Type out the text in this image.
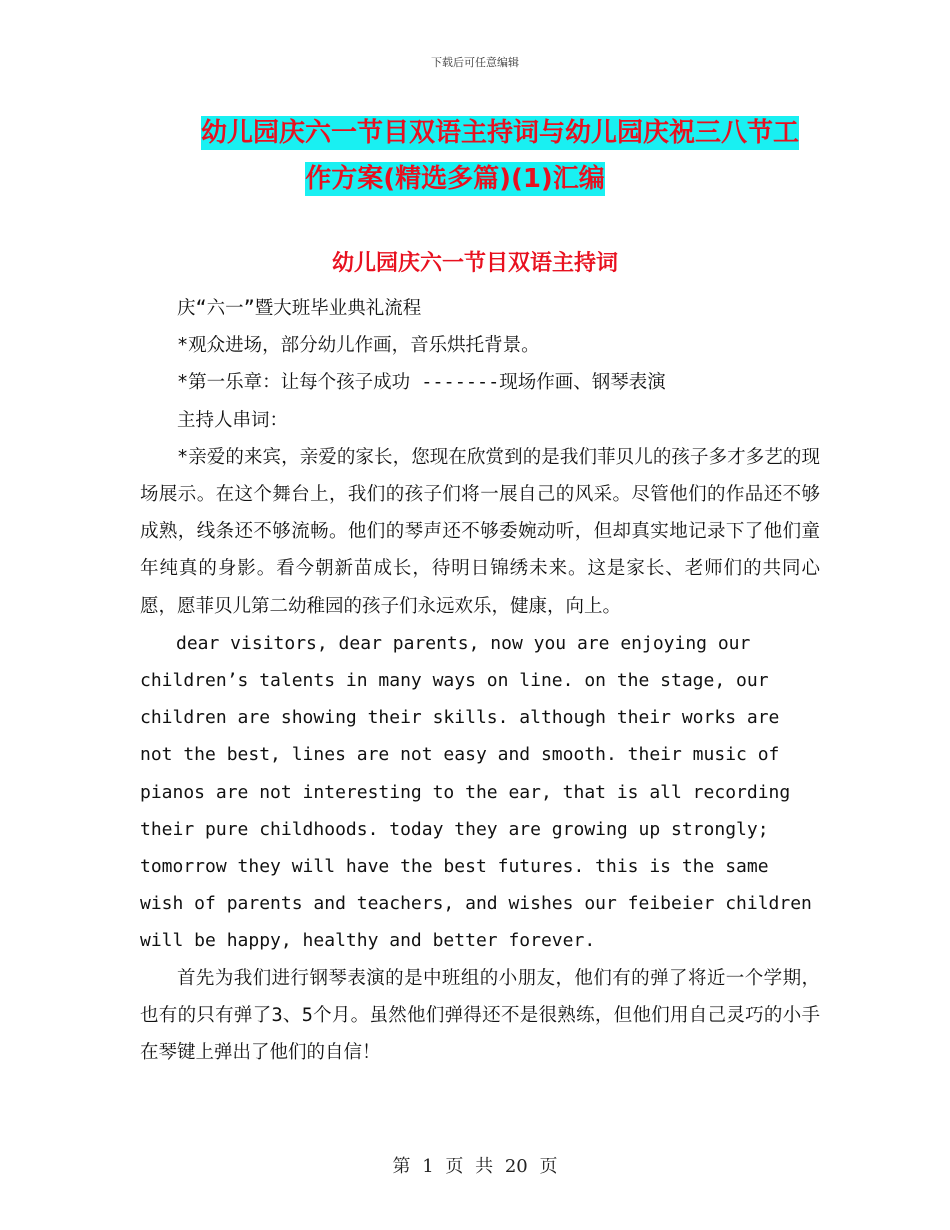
下载后可任意编辑
幼儿园庆六一节目双语主持词与幼儿园庆祝三八节工
作方案(精选多篇)(1)汇编
幼儿园庆六一节目双语主持词

庆“六一”暨大班毕业典礼流程

*观众进场，部分幼儿作画，音乐烘托背景。

*第一乐章：让每个孩子成功 -------现场作画、钢琴表演

主持人串词：

*亲爱的来宾，亲爱的家长，您现在欣赏到的是我们菲贝儿的孩子多才多艺的现场展示。在这个舞台上，我们的孩子们将一展自己的风采。尽管他们的作品还不够成熟，线条还不够流畅。他们的琴声还不够委婉动听，但却真实地记录下了他们童年纯真的身影。看今朝新苗成长，待明日锦绣未来。这是家长、老师们的共同心愿，愿菲贝儿第二幼稚园的孩子们永远欢乐，健康，向上。

dear visitors, dear parents, now you are enjoying our children’s talents in many ways on line. on the stage, our children are showing their skills. although their works are not the best, lines are not easy and smooth. their music of pianos are not interesting to the ear, that is all recording their pure childhoods. today they are growing up strongly; tomorrow they will have the best futures. this is the same wish of parents and teachers, and wishes our feibeier children will be happy, healthy and better forever.

首先为我们进行钢琴表演的是中班组的小朋友，他们有的弹了将近一个学期，也有的只有弹了3、5个月。虽然他们弹得还不是很熟练，但他们用自己灵巧的小手在琴键上弹出了他们的自信！

第 1 页 共 20 页
